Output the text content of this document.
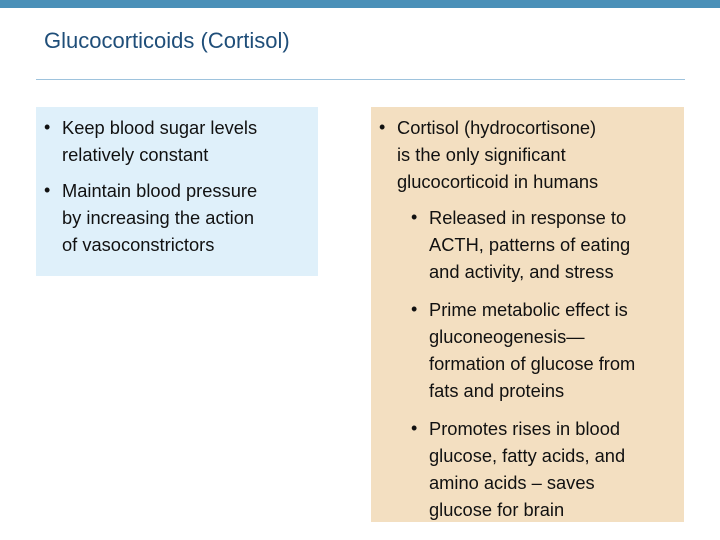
Glucocorticoids (Cortisol)
• Keep blood sugar levels
relatively constant
• Maintain blood pressure
by increasing the action
of vasoconstrictors
• Cortisol (hydrocortisone)
is the only significant
glucocorticoid in humans
• Released in response to
ACTH, patterns of eating
and activity, and stress
• Prime metabolic effect is
gluconeogenesis—
formation of glucose from
fats and proteins
• Promotes rises in blood
glucose, fatty acids, and
amino acids – saves
glucose for brain
